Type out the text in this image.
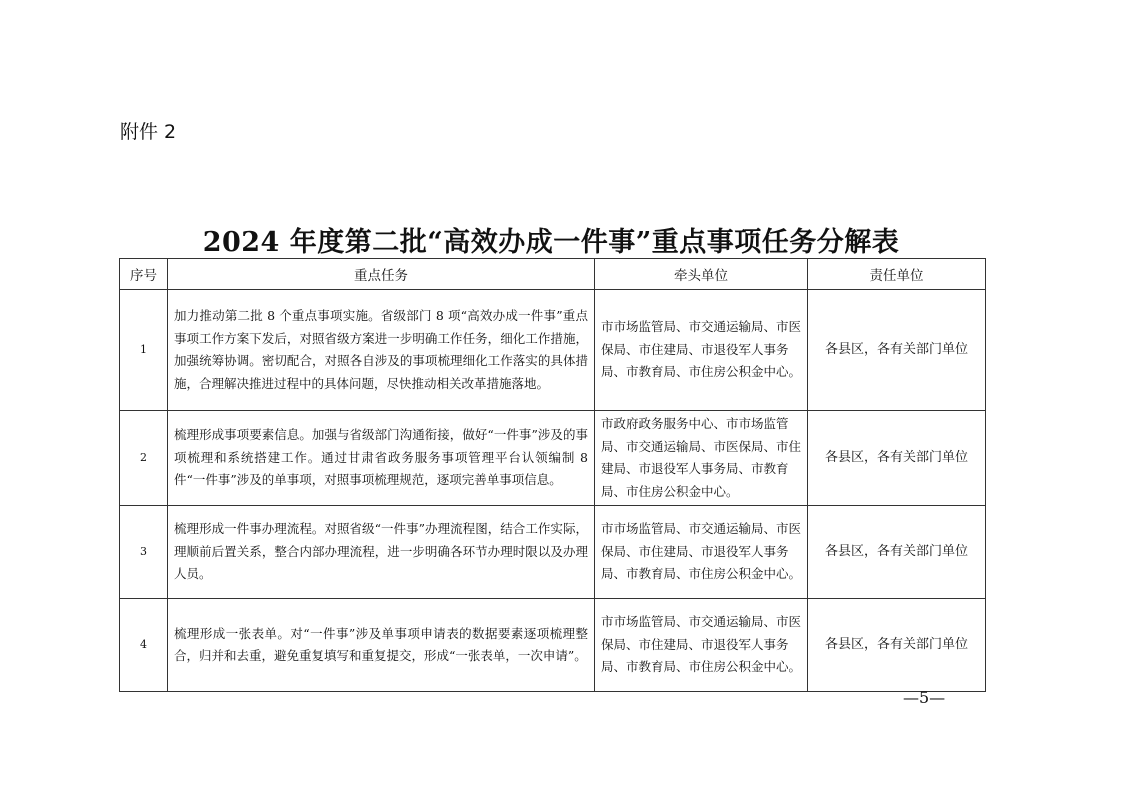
附件 2
2024 年度第二批“高效办成一件事”重点事项任务分解表
序号	重点任务	牵头单位	责任单位
1	加力推动第二批 8 个重点事项实施。省级部门 8 项“高效办成一件事”重点事项工作方案下发后，对照省级方案进一步明确工作任务，细化工作措施，加强统筹协调。密切配合，对照各自涉及的事项梳理细化工作落实的具体措施，合理解决推进过程中的具体问题，尽快推动相关改革措施落地。	市市场监管局、市交通运输局、市医保局、市住建局、市退役军人事务局、市教育局、市住房公积金中心。	各县区，各有关部门单位
2	梳理形成事项要素信息。加强与省级部门沟通衔接，做好“一件事”涉及的事项梳理和系统搭建工作。通过甘肃省政务服务事项管理平台认领编制 8 件“一件事”涉及的单事项，对照事项梳理规范，逐项完善单事项信息。	市政府政务服务中心、市市场监管局、市交通运输局、市医保局、市住建局、市退役军人事务局、市教育局、市住房公积金中心。	各县区，各有关部门单位
3	梳理形成一件事办理流程。对照省级“一件事”办理流程图，结合工作实际，理顺前后置关系，整合内部办理流程，进一步明确各环节办理时限以及办理人员。	市市场监管局、市交通运输局、市医保局、市住建局、市退役军人事务局、市教育局、市住房公积金中心。	各县区，各有关部门单位
4	梳理形成一张表单。对“一件事”涉及单事项申请表的数据要素逐项梳理整合，归并和去重，避免重复填写和重复提交，形成“一张表单，一次申请”。	市市场监管局、市交通运输局、市医保局、市住建局、市退役军人事务局、市教育局、市住房公积金中心。	各县区，各有关部门单位
—5—
